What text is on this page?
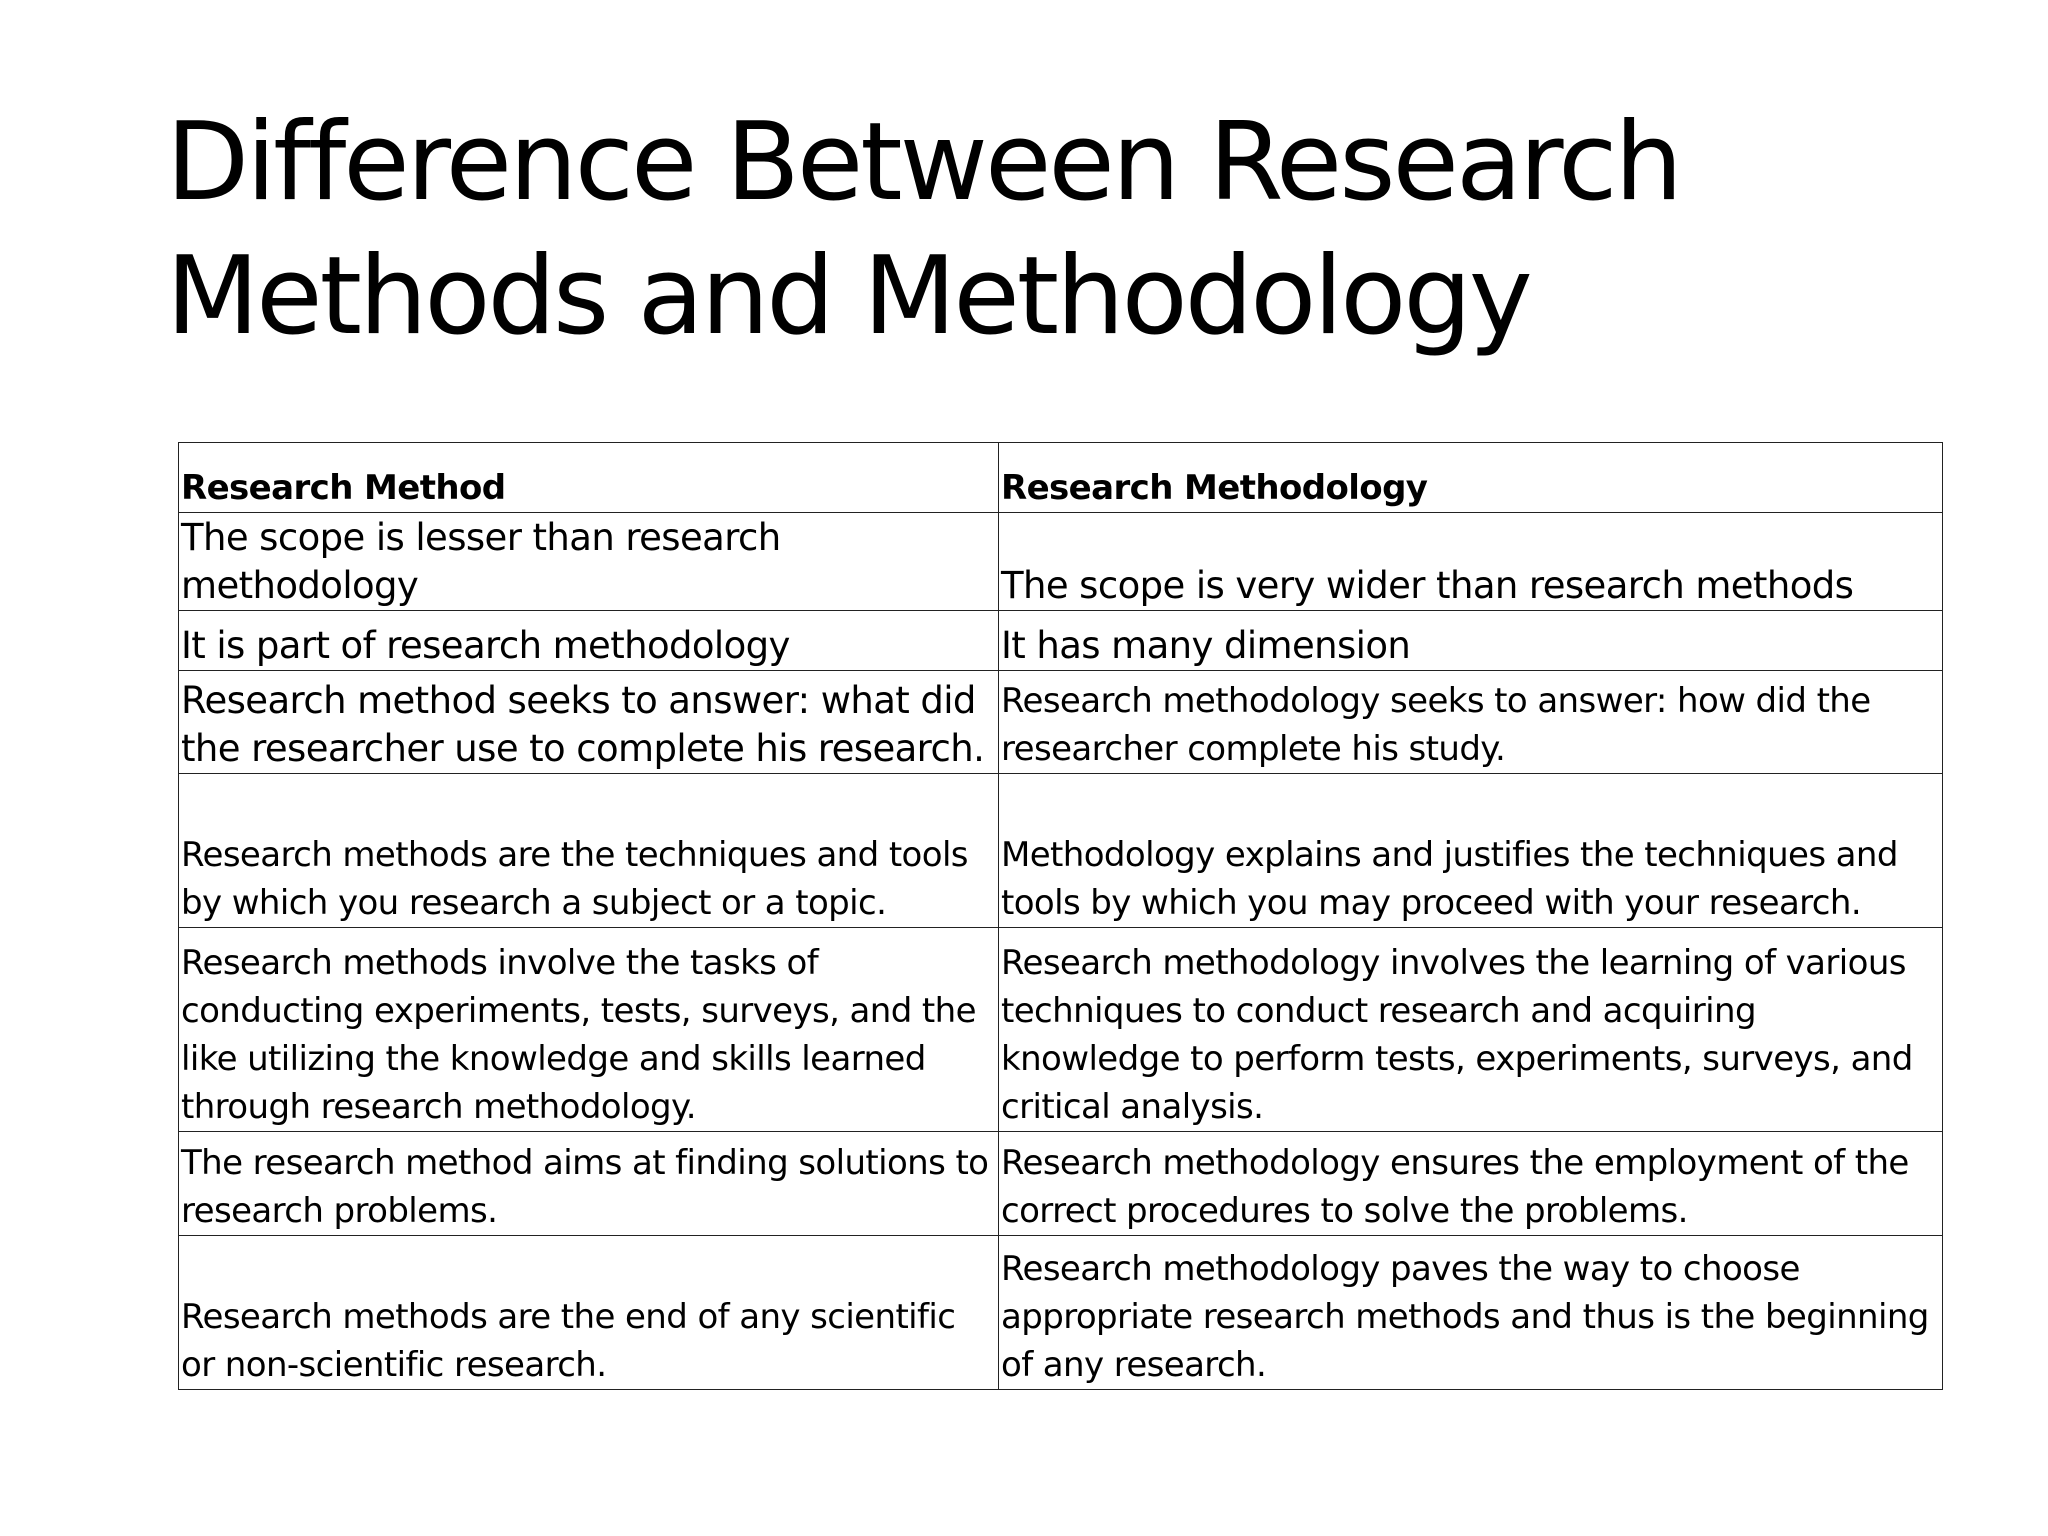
Difference Between Research
Methods and Methodology
Research Method	Research Methodology

The scope is lesser than research methodology	The scope is very wider than research methods

It is part of research methodology	It has many dimension

Research method seeks to answer: what did the researcher use to complete his research.	Research methodology seeks to answer: how did the researcher complete his study.

Research methods are the techniques and tools by which you research a subject or a topic.	Methodology explains and justifies the techniques and tools by which you may proceed with your research.

Research methods involve the tasks of conducting experiments, tests, surveys, and the like utilizing the knowledge and skills learned through research methodology.	Research methodology involves the learning of various techniques to conduct research and acquiring knowledge to perform tests, experiments, surveys, and critical analysis.

The research method aims at finding solutions to research problems.	Research methodology ensures the employment of the correct procedures to solve the problems.

Research methods are the end of any scientific or non-scientific research.	Research methodology paves the way to choose appropriate research methods and thus is the beginning of any research.
